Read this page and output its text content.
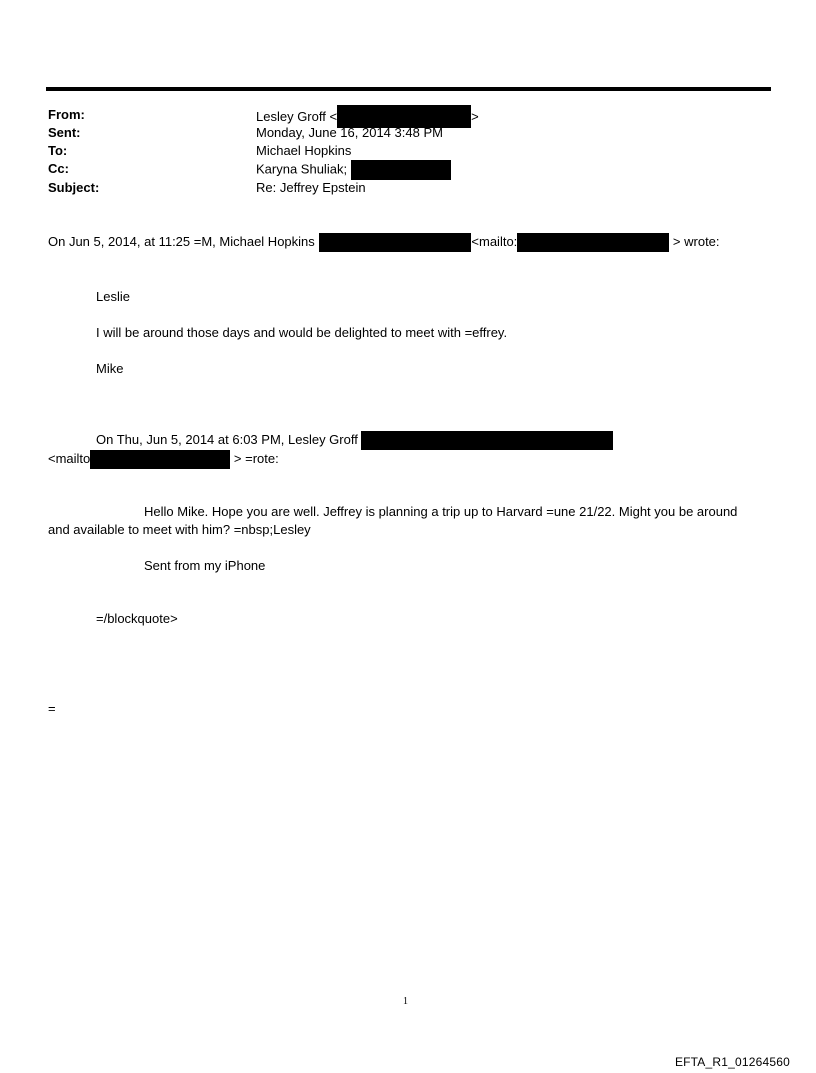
From:	Lesley Groff <	>
Sent:	Monday, June 16, 2014 3:48 PM
To:	Michael Hopkins
Cc:	Karyna Shuliak;
Subject:	Re: Jeffrey Epstein
On Jun 5, 2014, at 11:25 =M, Michael Hopkins	<mailto:	> wrote:
Leslie
I will be around those days and would be delighted to meet with =effrey.
Mike
On Thu, Jun 5, 2014 at 6:03 PM, Lesley Groff
<mailto	> =rote:
Hello Mike. Hope you are well. Jeffrey is planning a trip up to Harvard =une 21/22. Might you be around
and available to meet with him? =nbsp;Lesley
Sent from my iPhone
=/blockquote>
=
1
EFTA_R1_01264560
